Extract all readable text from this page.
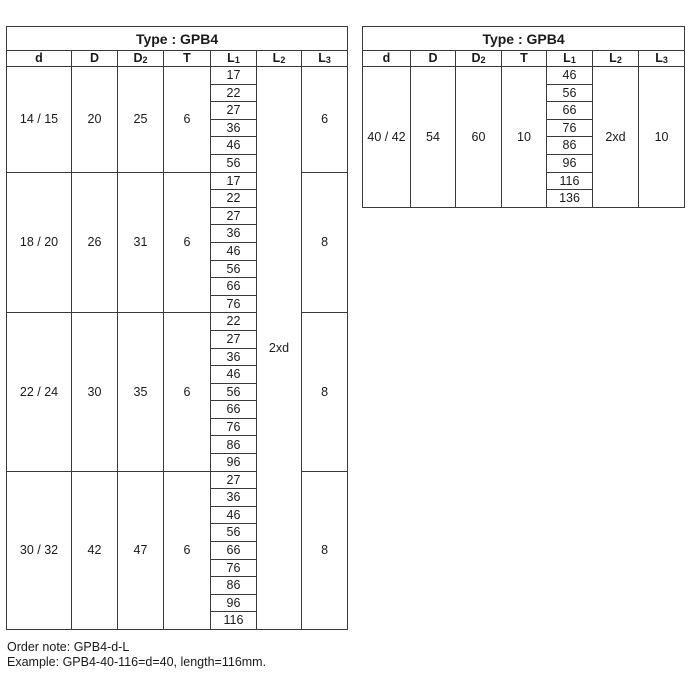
Type : GPB4						
d	D	$D_2$	T	$L_1$	$L_2$	$L_3$
14 / 15	20	25	6	17	2xd	6
				22		
				27		
				36		
				46		
				56		
18 / 20	26	31	6	17		8
				22		
				27		
				36		
				46		
				56		
				66		
				76		
22 / 24	30	35	6	22		8
				27		
				36		
				46		
				56		
				66		
				76		
				86		
				96		
30 / 32	42	47	6	27		8
				36		
				46		
				56		
				66		
				76		
				86		
				96		
				116		
Type : GPB4						
d	D	$D_2$	T	$L_1$	$L_2$	$L_3$
40 / 42	54	60	10	46	2xd	10
				56		
				66		
				76		
				86		
				96		
				116		
				136		
Order note: GPB4-d-L
Example: GPB4-40-116=d=40, length=116mm.
